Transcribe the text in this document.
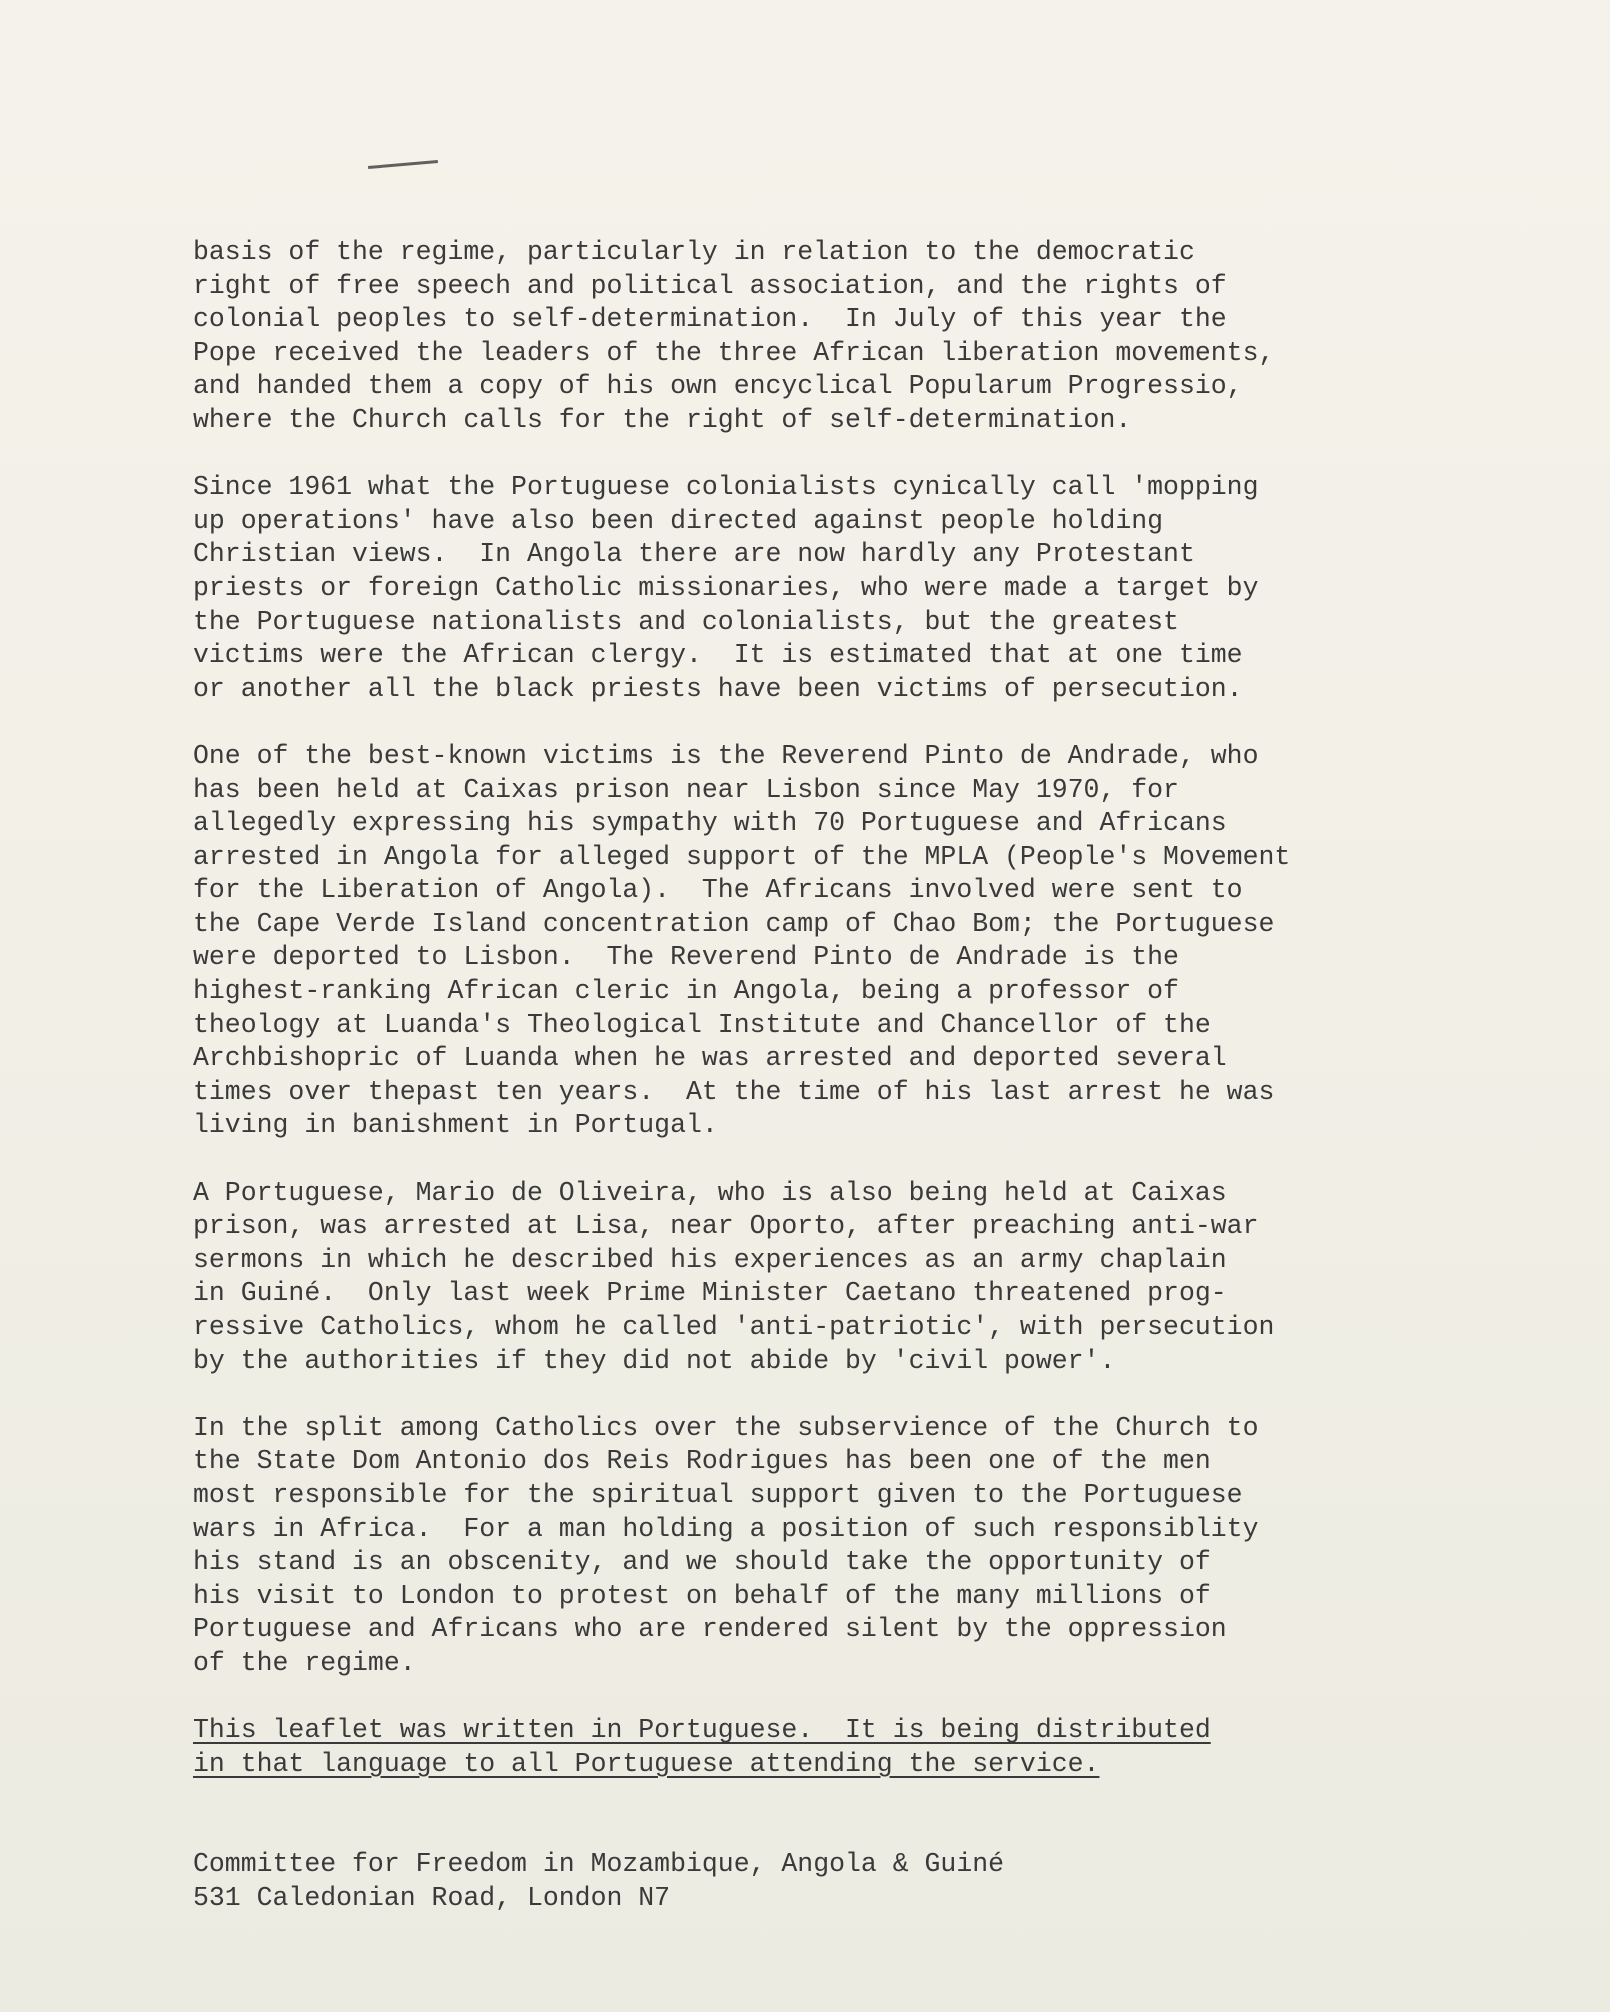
basis of the regime, particularly in relation to the democratic
right of free speech and political association, and the rights of
colonial peoples to self-determination.  In July of this year the
Pope received the leaders of the three African liberation movements,
and handed them a copy of his own encyclical Popularum Progressio,
where the Church calls for the right of self-determination.
Since 1961 what the Portuguese colonialists cynically call 'mopping
up operations' have also been directed against people holding
Christian views.  In Angola there are now hardly any Protestant
priests or foreign Catholic missionaries, who were made a target by
the Portuguese nationalists and colonialists, but the greatest
victims were the African clergy.  It is estimated that at one time
or another all the black priests have been victims of persecution.
One of the best-known victims is the Reverend Pinto de Andrade, who
has been held at Caixas prison near Lisbon since May 1970, for
allegedly expressing his sympathy with 70 Portuguese and Africans
arrested in Angola for alleged support of the MPLA (People's Movement
for the Liberation of Angola).  The Africans involved were sent to
the Cape Verde Island concentration camp of Chao Bom; the Portuguese
were deported to Lisbon.  The Reverend Pinto de Andrade is the
highest-ranking African cleric in Angola, being a professor of
theology at Luanda's Theological Institute and Chancellor of the
Archbishopric of Luanda when he was arrested and deported several
times over thepast ten years.  At the time of his last arrest he was
living in banishment in Portugal.
A Portuguese, Mario de Oliveira, who is also being held at Caixas
prison, was arrested at Lisa, near Oporto, after preaching anti-war
sermons in which he described his experiences as an army chaplain
in Guiné.  Only last week Prime Minister Caetano threatened prog-
ressive Catholics, whom he called 'anti-patriotic', with persecution
by the authorities if they did not abide by 'civil power'.
In the split among Catholics over the subservience of the Church to
the State Dom Antonio dos Reis Rodrigues has been one of the men
most responsible for the spiritual support given to the Portuguese
wars in Africa.  For a man holding a position of such responsiblity
his stand is an obscenity, and we should take the opportunity of
his visit to London to protest on behalf of the many millions of
Portuguese and Africans who are rendered silent by the oppression
of the regime.
This leaflet was written in Portuguese.  It is being distributed
in that language to all Portuguese attending the service.
Committee for Freedom in Mozambique, Angola & Guiné
531 Caledonian Road, London N7
